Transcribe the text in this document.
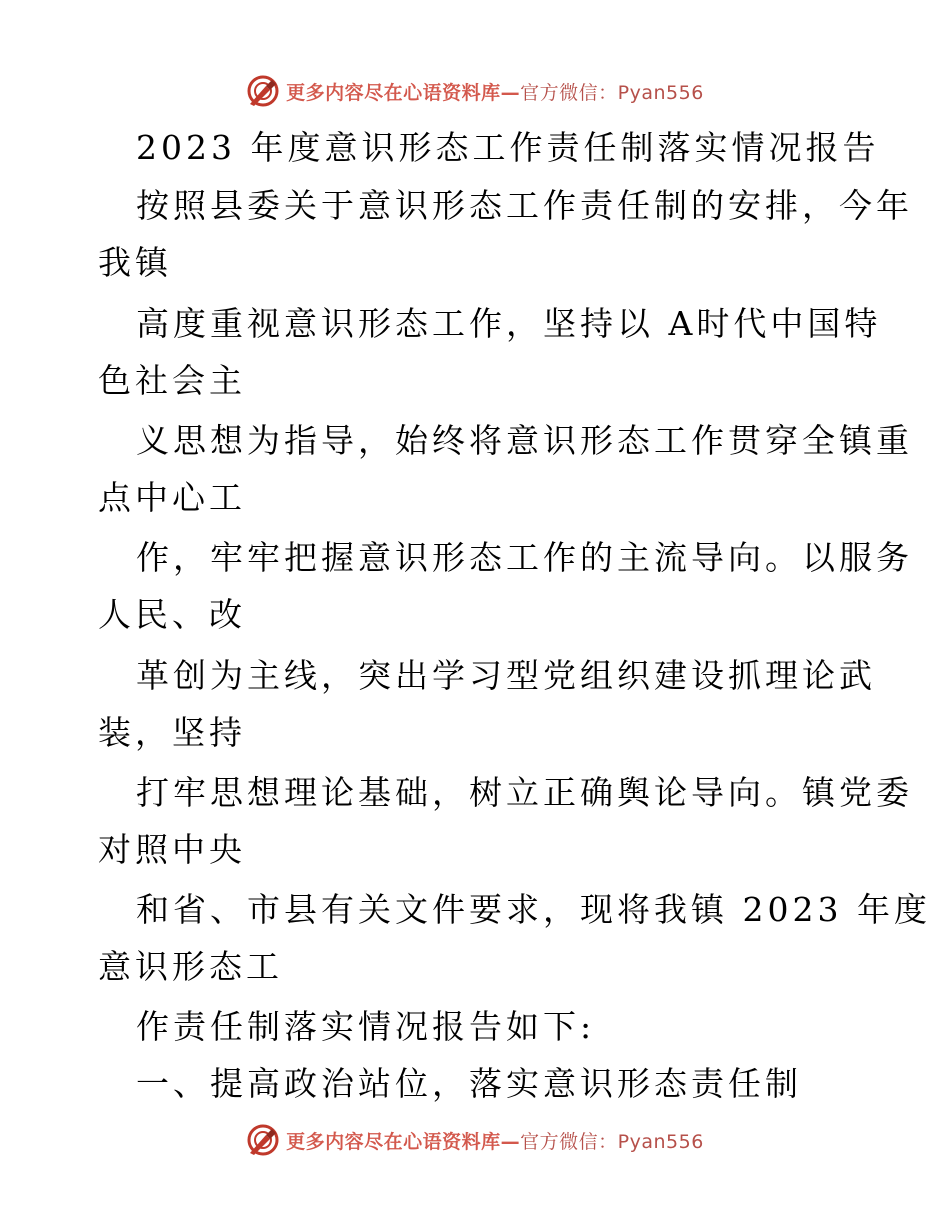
更多内容尽在心语资料库—官方微信：Pyan556
2023 年度意识形态工作责任制落实情况报告
按照县委关于意识形态工作责任制的安排，今年
我镇
高度重视意识形态工作，坚持以 A时代中国特
色社会主
义思想为指导，始终将意识形态工作贯穿全镇重
点中心工
作，牢牢把握意识形态工作的主流导向。以服务
人民、改
革创为主线，突出学习型党组织建设抓理论武
装，坚持
打牢思想理论基础，树立正确舆论导向。镇党委
对照中央
和省、市县有关文件要求，现将我镇 2023 年度
意识形态工
作责任制落实情况报告如下:
一、提高政治站位，落实意识形态责任制
更多内容尽在心语资料库—官方微信：Pyan556
